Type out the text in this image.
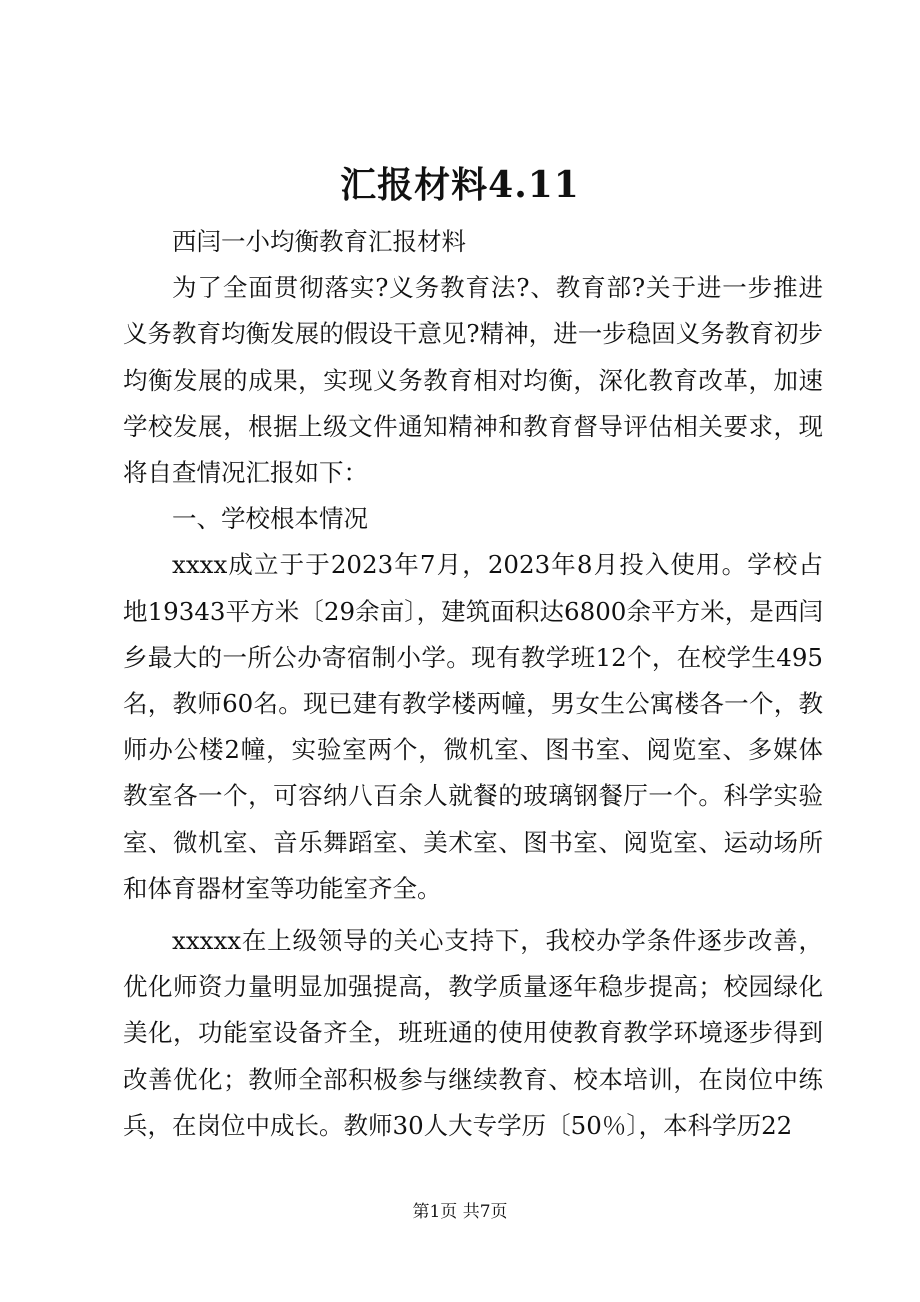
汇报材料4.11

西闫一小均衡教育汇报材料

为了全面贯彻落实?义务教育法?、教育部?关于进一步推进义务教育均衡发展的假设干意见?精神，进一步稳固义务教育初步均衡发展的成果，实现义务教育相对均衡，深化教育改革，加速学校发展，根据上级文件通知精神和教育督导评估相关要求，现将自查情况汇报如下：

一、学校根本情况

xxxx成立于于2023年7月，2023年8月投入使用。学校占地19343平方米〔29余亩〕，建筑面积达6800余平方米，是西闫乡最大的一所公办寄宿制小学。现有教学班12个，在校学生495名，教师60名。现已建有教学楼两幢，男女生公寓楼各一个，教师办公楼2幢，实验室两个，微机室、图书室、阅览室、多媒体教室各一个，可容纳八百余人就餐的玻璃钢餐厅一个。科学实验室、微机室、音乐舞蹈室、美术室、图书室、阅览室、运动场所和体育器材室等功能室齐全。

xxxxx在上级领导的关心支持下，我校办学条件逐步改善，优化师资力量明显加强提高，教学质量逐年稳步提高；校园绿化美化，功能室设备齐全，班班通的使用使教育教学环境逐步得到改善优化；教师全部积极参与继续教育、校本培训，在岗位中练兵，在岗位中成长。教师30人大专学历〔50％〕，本科学历22

第1页 共7页
